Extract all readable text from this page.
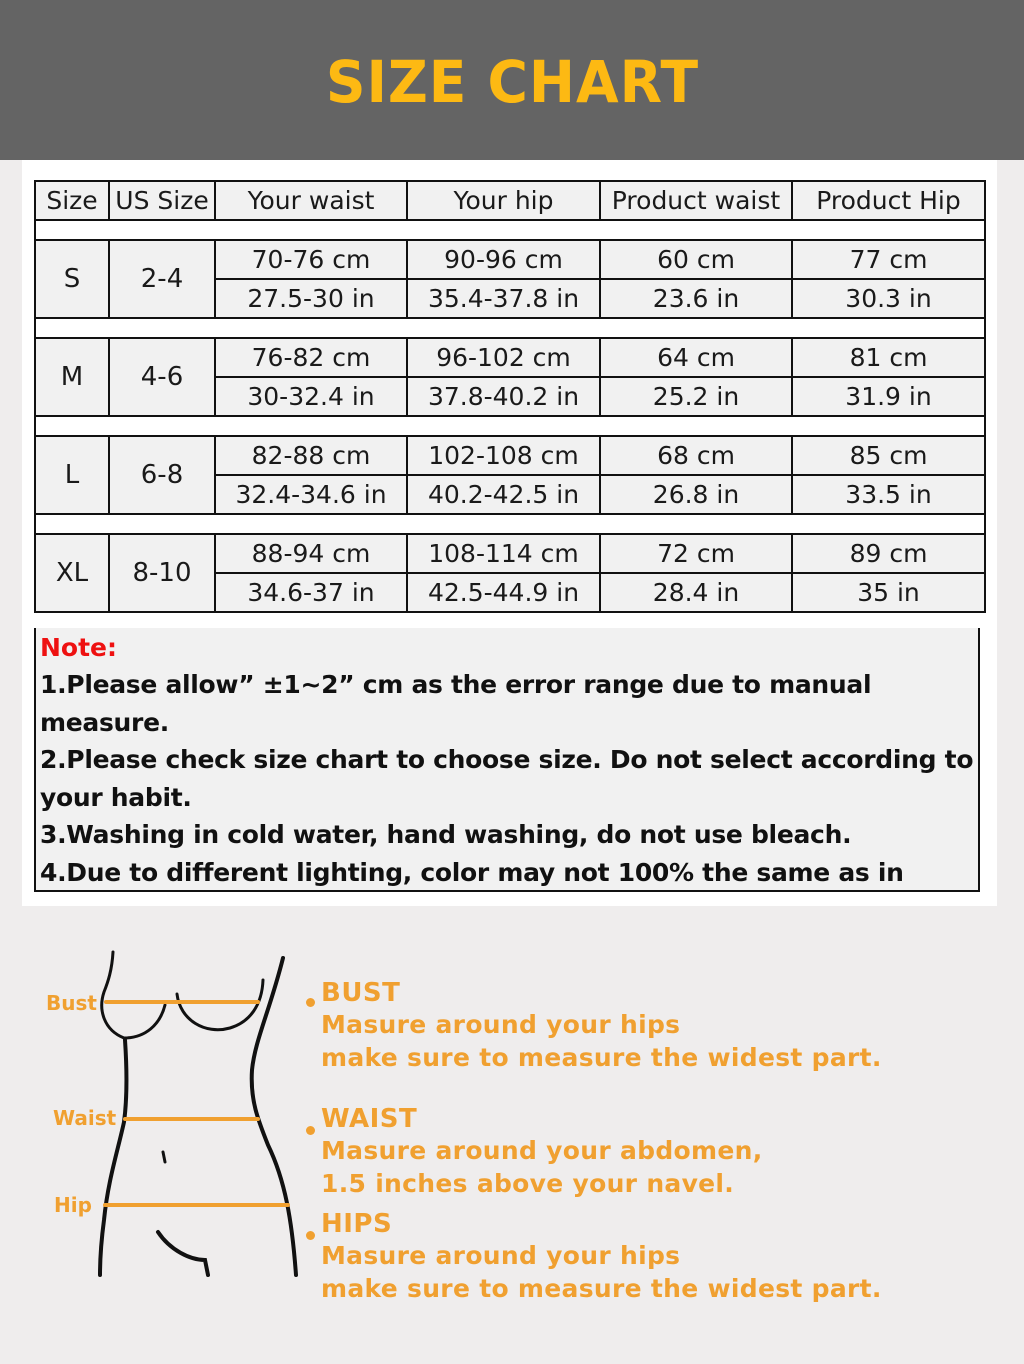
SIZE CHART
Size	US Size	Your waist	Your hip	Product waist	Product Hip

S	2-4	70-76 cm	90-96 cm	60 cm	77 cm
		27.5-30 in	35.4-37.8 in	23.6 in	30.3 in

M	4-6	76-82 cm	96-102 cm	64 cm	81 cm
		30-32.4 in	37.8-40.2 in	25.2 in	31.9 in

L	6-8	82-88 cm	102-108 cm	68 cm	85 cm
		32.4-34.6 in	40.2-42.5 in	26.8 in	33.5 in

XL	8-10	88-94 cm	108-114 cm	72 cm	89 cm
		34.6-37 in	42.5-44.9 in	28.4 in	35 in
Note:
1.Please allow” ±1~2” cm as the error range due to manual
measure.
2.Please check size chart to choose size. Do not select according to
your habit.
3.Washing in cold water, hand washing, do not use bleach.
4.Due to different lighting, color may not 100% the same as in
Bust
Waist
Hip
BUST
Masure around your hips
make sure to measure the widest part.
WAIST
Masure around your abdomen,
1.5 inches above your navel.
HIPS
Masure around your hips
make sure to measure the widest part.
